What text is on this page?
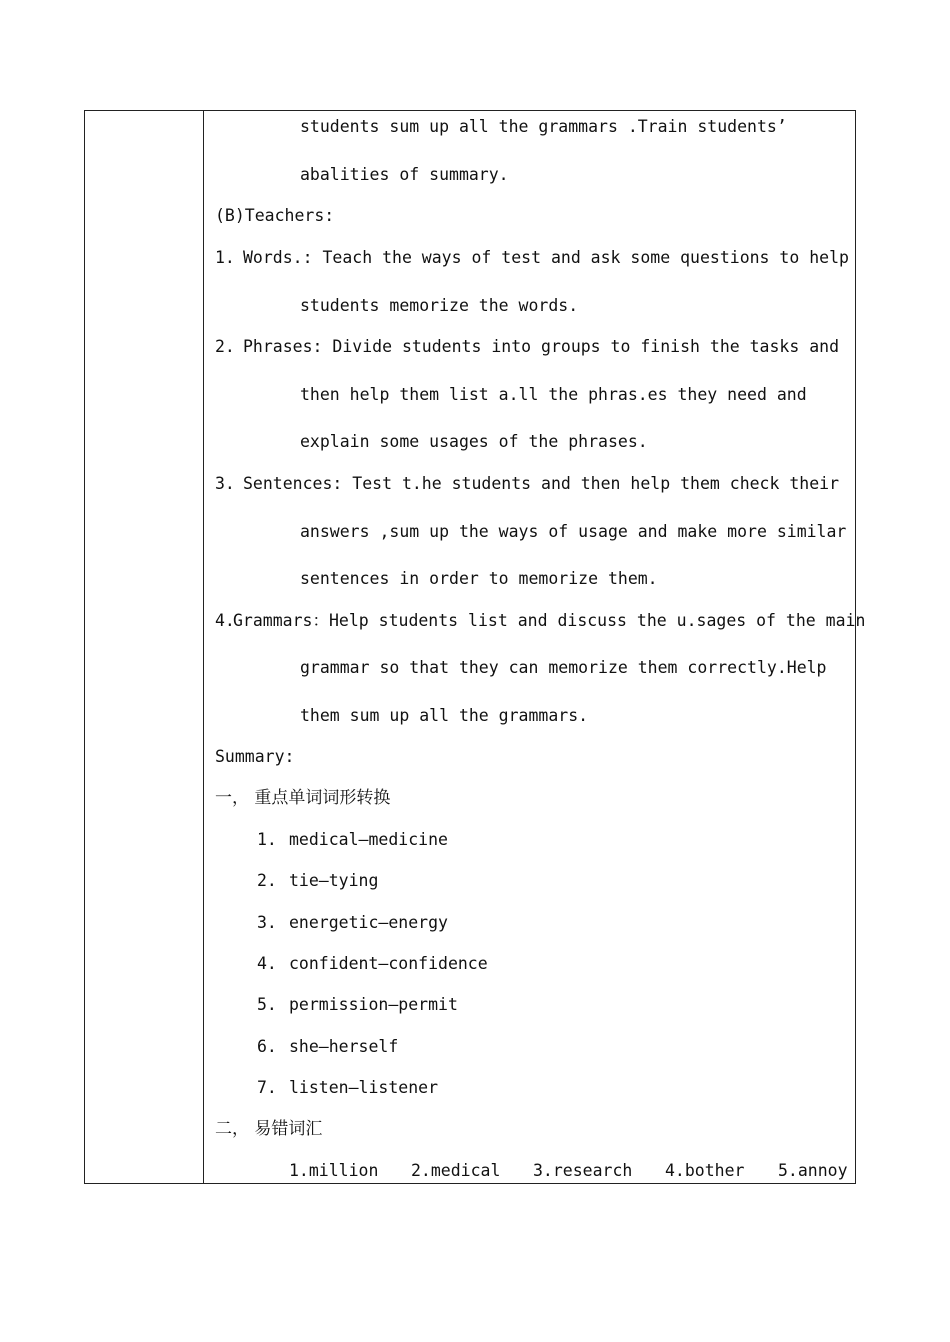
students sum up all the grammars .Train students’
abalities of summary.
(B)Teachers:
1. Words.: Teach the ways of test and ask some questions to help
students memorize the words.
2. Phrases: Divide students into groups to finish the tasks and
then help them list a.ll the phras.es they need and
explain some usages of the phrases.
3. Sentences: Test t.he students and then help them check their
answers ,sum up the ways of usage and make more similar
sentences in order to memorize them.
4.
Grammars：Help students list and discuss the u.sages of the main
grammar so that they can memorize them correctly.Help
them sum up all the grammars.
Summary:
一， 重点单词词形转换
1. medical—medicine
2. tie—tying
3. energetic—energy
4. confident—confidence
5. permission—permit
6. she—herself
7. listen—listener
二， 易错词汇
1.million 2.medical 3.research 4.bother 5.annoy
